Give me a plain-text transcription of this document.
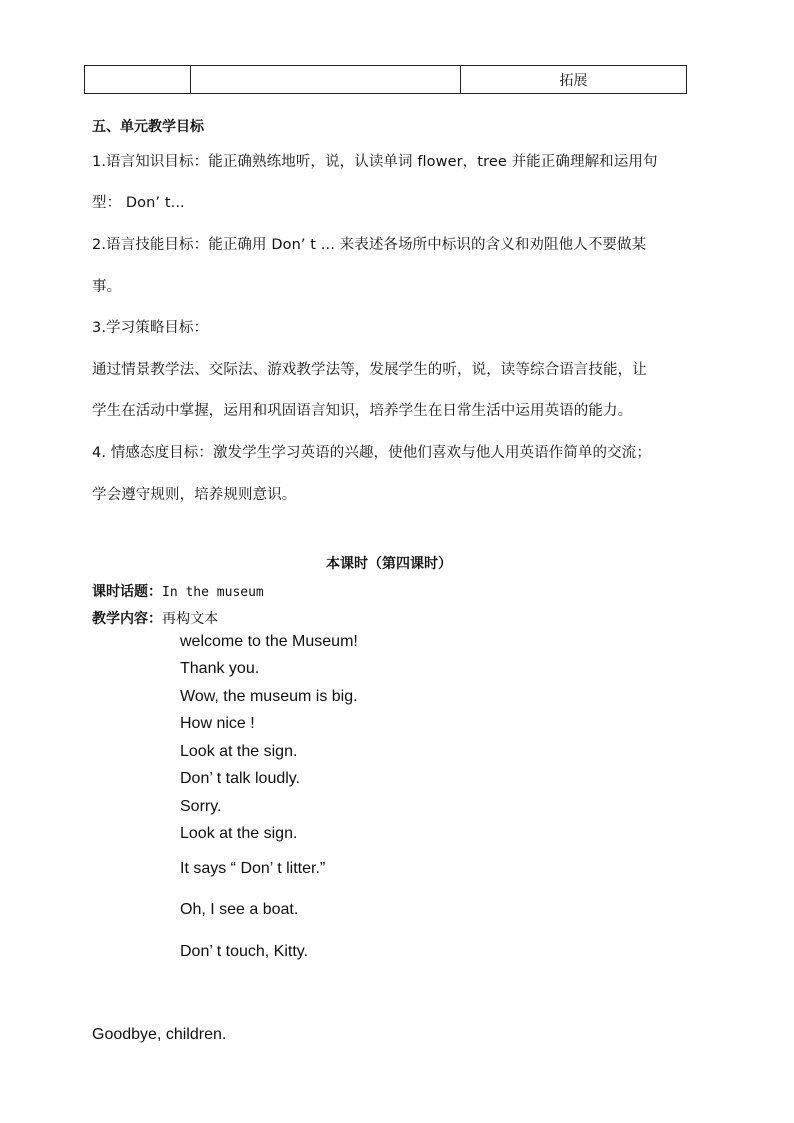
		拓展
五、单元教学目标
1.语言知识目标：能正确熟练地听，说，认读单词 flower，tree 并能正确理解和运用句
型： Don’ t...
2.语言技能目标：能正确用 Don’ t ... 来表述各场所中标识的含义和劝阻他人不要做某
事。
3.学习策略目标：
通过情景教学法、交际法、游戏教学法等，发展学生的听，说，读等综合语言技能，让
学生在活动中掌握，运用和巩固语言知识，培养学生在日常生活中运用英语的能力。
4. 情感态度目标：激发学生学习英语的兴趣，使他们喜欢与他人用英语作简单的交流；
学会遵守规则，培养规则意识。
本课时（第四课时）
课时话题：In the museum
教学内容：再构文本
welcome to the Museum!
Thank you.
Wow, the museum is big.
How nice !
Look at the sign.
Don’ t talk loudly.
Sorry.
Look at the sign.
It says “ Don’ t litter.”
Oh, I see a boat.
Don’ t touch, Kitty.
Goodbye, children.
